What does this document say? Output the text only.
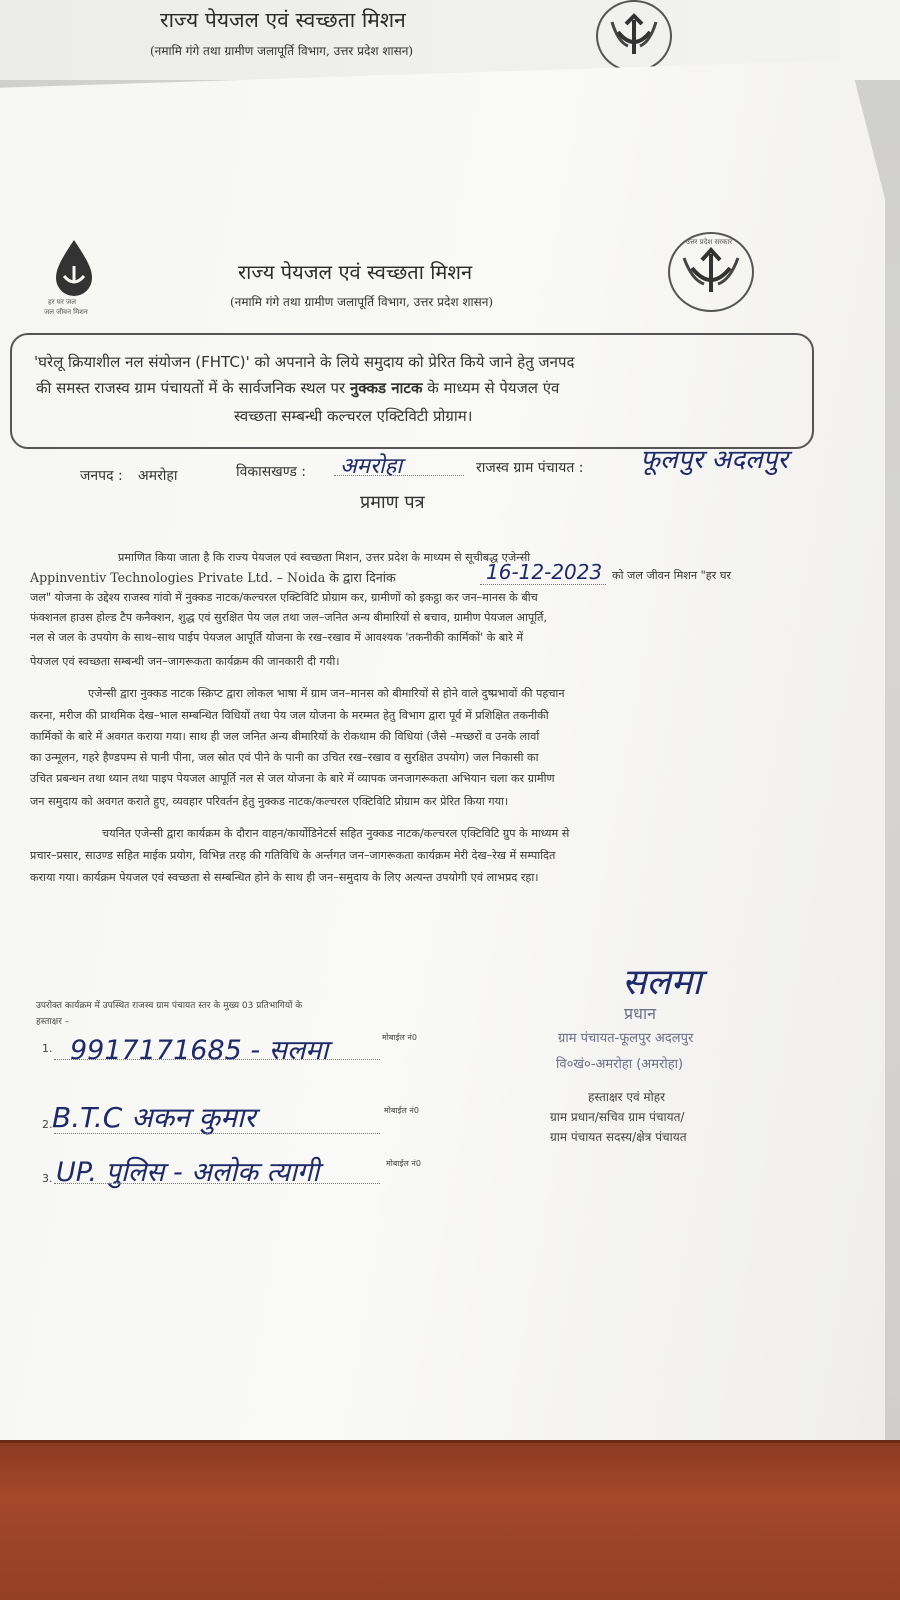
राज्य पेयजल एवं स्वच्छता मिशन
(नमामि गंगे तथा ग्रामीण जलापूर्ति विभाग, उत्तर प्रदेश शासन)
हर घर जल
जल जीवन मिशन
राज्य पेयजल एवं स्वच्छता मिशन
(नमामि गंगे तथा ग्रामीण जलापूर्ति विभाग, उत्तर प्रदेश शासन)
उत्तर प्रदेश सरकार
'घरेलू क्रियाशील नल संयोजन (FHTC)' को अपनाने के लिये समुदाय को प्रेरित किये जाने हेतु जनपद
की समस्त राजस्व ग्राम पंचायतों में के सार्वजनिक स्थल पर नुक्कड नाटक के माध्यम से पेयजल एंव
स्वच्छता सम्बन्धी कल्चरल एक्टिविटी प्रोग्राम।
जनपद : अमरोहा	विकासखण्ड : अमरोहा	राजस्व ग्राम पंचायत : फूलपुर अदलपुर
प्रमाण पत्र
प्रमाणित किया जाता है कि राज्य पेयजल एवं स्वच्छता मिशन, उत्तर प्रदेश के माध्यम से सूचीबद्ध एजेन्सी
Appinventiv Technologies Private Ltd. – Noida के द्वारा दिनांक	16-12-2023 को जल जीवन मिशन "हर घर
जल" योजना के उद्देश्य राजस्व गांवो में नुक्कड नाटक/कल्चरल एक्टिविटि प्रोग्राम कर, ग्रामीणों को इकट्ठा कर जन–मानस के बीच
फंक्शनल हाउस होल्ड टैप कनैक्शन, शुद्ध एवं सुरक्षित पेय जल तथा जल–जनित अन्य बीमारियों से बचाव, ग्रामीण पेयजल आपूर्ति,
नल से जल के उपयोग के साथ–साथ पाईप पेयजल आपूर्ति योजना के रख–रखाव में आवश्यक 'तकनीकी कार्मिकों' के बारे में
पेयजल एवं स्वच्छता सम्बन्धी जन–जागरूकता कार्यक्रम की जानकारी दी गयी।
एजेन्सी द्वारा नुक्कड नाटक स्क्रिप्ट द्वारा लोकल भाषा में ग्राम जन–मानस को बीमारियों से होने वाले दुष्प्रभावों की पहचान
करना, मरीज की प्राथमिक देख–भाल सम्बन्धित विधियों तथा पेय जल योजना के मरम्मत हेतु विभाग द्वारा पूर्व में प्रशिक्षित तकनीकी
कार्मिकों के बारे में अवगत कराया गया। साथ ही जल जनित अन्य बीमारियों के रोकथाम की विधियां (जैसे –मच्छरों व उनके लार्वा
का उन्मूलन, गहरे हैण्डपम्प से पानी पीना, जल स्रोत एवं पीने के पानी का उचित रख–रखाव व सुरक्षित उपयोग) जल निकासी का
उचित प्रबन्धन तथा ध्यान तथा पाइप पेयजल आपूर्ति नल से जल योजना के बारे में व्यापक जनजागरूकता अभियान चला कर ग्रामीण
जन समुदाय को अवगत कराते हुए, व्यवहार परिवर्तन हेतु नुक्कड नाटक/कल्चरल एक्टिविटि प्रोग्राम कर प्रेरित किया गया।
चयनित एजेन्सी द्वारा कार्यक्रम के दौरान वाहन/कार्योडिनेटर्स सहित नुक्कड नाटक/कल्चरल एक्टिविटि ग्रुप के माध्यम से
प्रचार–प्रसार, साउण्ड सहित माईक प्रयोग, विभिन्न तरह की गतिविधि के अर्न्तगत जन–जागरूकता कार्यक्रम मेरी देख–रेख में सम्पादित
कराया गया। कार्यक्रम पेयजल एवं स्वच्छता से सम्बन्धित होने के साथ ही जन–समुदाय के लिए अत्यन्त उपयोगी एवं लाभप्रद रहा।
उपरोक्त कार्यक्रम में उपस्थित राजस्व ग्राम पंचायत स्तर के मुख्य 03 प्रतिभागियों के
हस्ताक्षर –
1. 9917171685 - सलमा	मोबाईल नं0
2. B.T.C अकन कुमार	मोबाईल नं0
3. UP. पुलिस - अलोक त्यागी	मोबाईल नं0
सलमा
प्रधान
ग्राम पंचायत-फूलपुर अदलपुर
वि०खं०-अमरोहा (अमरोहा)
हस्ताक्षर एवं मोहर
ग्राम प्रधान/सचिव ग्राम पंचायत/
ग्राम पंचायत सदस्य/क्षेत्र पंचायत
